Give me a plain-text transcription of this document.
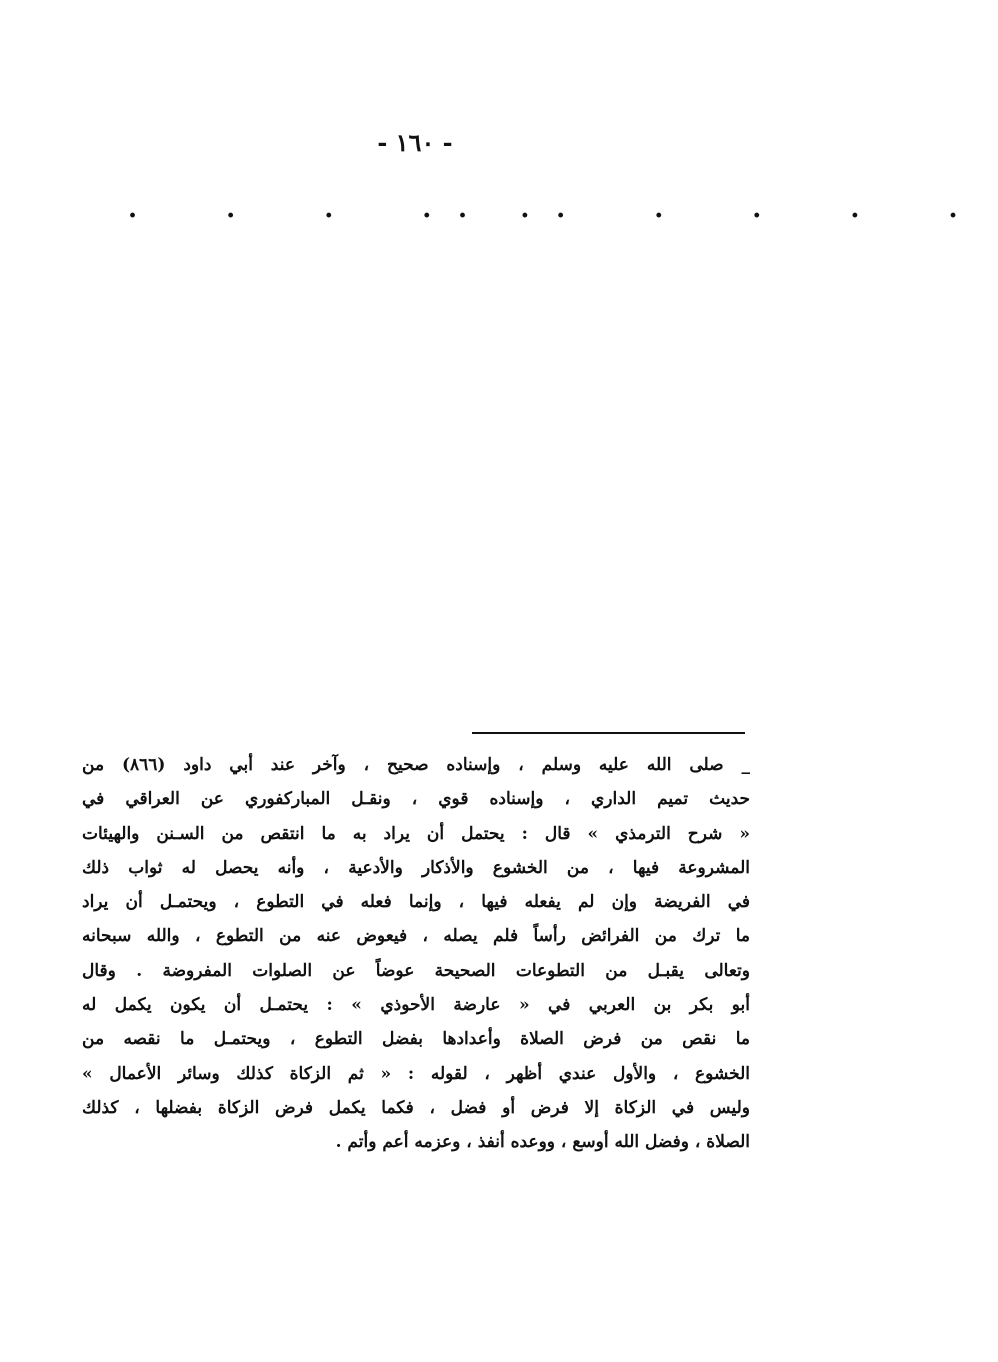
- ١٦٠ -
. . . . .
. . . . . .
_ صلى الله عليه وسلم ، وإسناده صحيح ، وآخر عند أبي داود (٨٦٦) من
حديث تميم الداري ، وإسناده قوي ، ونقـل المباركفوري عن العراقي في
« شرح الترمذي » قال : يحتمل أن يراد به ما انتقص من السـنن والهيئات
المشروعة فيها ، من الخشوع والأذكار والأدعية ، وأنه يحصل له ثواب ذلك
في الفريضة وإن لم يفعله فيها ، وإنما فعله في التطوع ، ويحتمـل أن يراد
ما ترك من الفرائض رأساً فلم يصله ، فيعوض عنه من التطوع ، والله سبحانه
وتعالى يقبـل من التطوعات الصحيحة عوضاً عن الصلوات المفروضة . وقال
أبو بكر بن العربي في « عارضة الأحوذي » : يحتمـل أن يكون يكمل له
ما نقص من فرض الصلاة وأعدادها بفضل التطوع ، ويحتمـل ما نقصه من
الخشوع ، والأول عندي أظهر ، لقوله : « ثم الزكاة كذلك وسائر الأعمال »
وليس في الزكاة إلا فرض أو فضل ، فكما يكمل فرض الزكاة بفضلها ، كذلك
الصلاة ، وفضل الله أوسع ، ووعده أنفذ ، وعزمه أعم وأتم .
